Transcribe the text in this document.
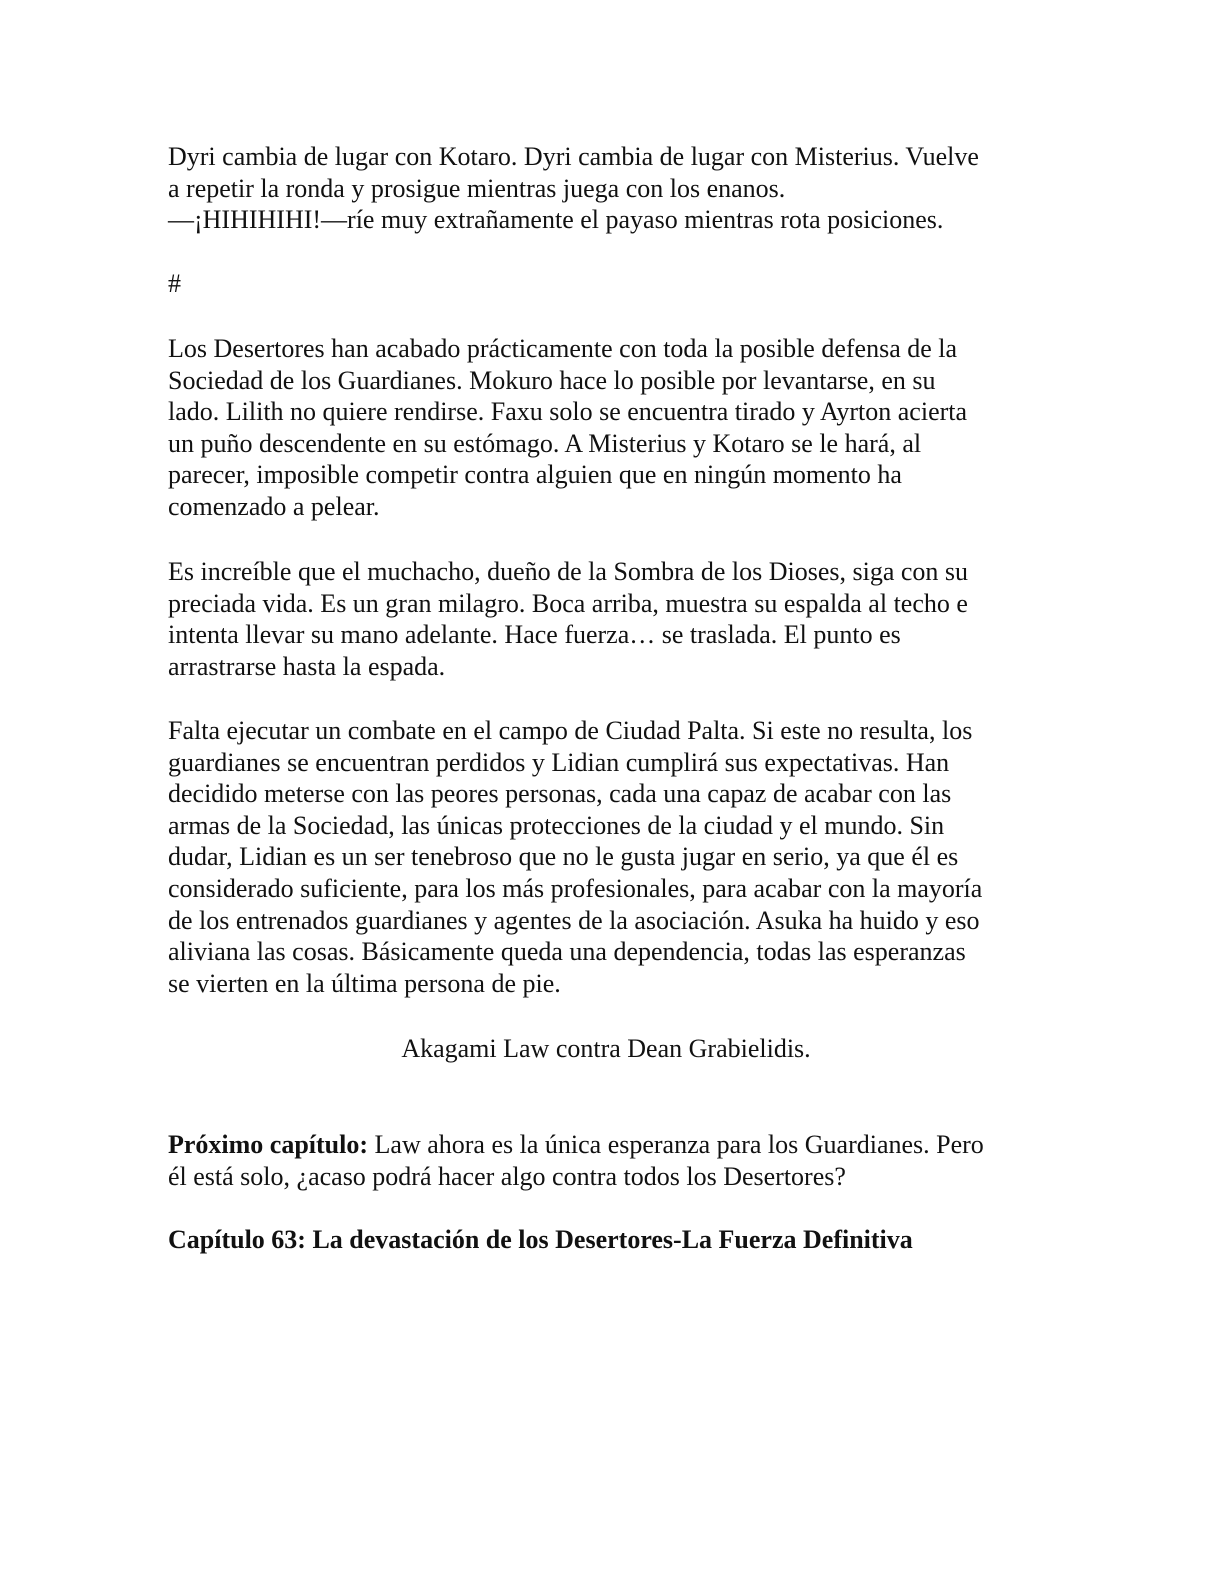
Dyri cambia de lugar con Kotaro. Dyri cambia de lugar con Misterius. Vuelve

a repetir la ronda y prosigue mientras juega con los enanos.

—¡HIHIHIHI!—ríe muy extrañamente el payaso mientras rota posiciones.

#

Los Desertores han acabado prácticamente con toda la posible defensa de la

Sociedad de los Guardianes. Mokuro hace lo posible por levantarse, en su

lado. Lilith no quiere rendirse. Faxu solo se encuentra tirado y Ayrton acierta

un puño descendente en su estómago. A Misterius y Kotaro se le hará, al

parecer, imposible competir contra alguien que en ningún momento ha

comenzado a pelear.

Es increíble que el muchacho, dueño de la Sombra de los Dioses, siga con su

preciada vida. Es un gran milagro. Boca arriba, muestra su espalda al techo e

intenta llevar su mano adelante. Hace fuerza… se traslada. El punto es

arrastrarse hasta la espada.

Falta ejecutar un combate en el campo de Ciudad Palta. Si este no resulta, los

guardianes se encuentran perdidos y Lidian cumplirá sus expectativas. Han

decidido meterse con las peores personas, cada una capaz de acabar con las

armas de la Sociedad, las únicas protecciones de la ciudad y el mundo. Sin

dudar, Lidian es un ser tenebroso que no le gusta jugar en serio, ya que él es

considerado suficiente, para los más profesionales, para acabar con la mayoría

de los entrenados guardianes y agentes de la asociación. Asuka ha huido y eso

aliviana las cosas. Básicamente queda una dependencia, todas las esperanzas

se vierten en la última persona de pie.

Akagami Law contra Dean Grabielidis.

Próximo capítulo: Law ahora es la única esperanza para los Guardianes. Pero

él está solo, ¿acaso podrá hacer algo contra todos los Desertores?

Capítulo 63: La devastación de los Desertores-La Fuerza Definitiva
